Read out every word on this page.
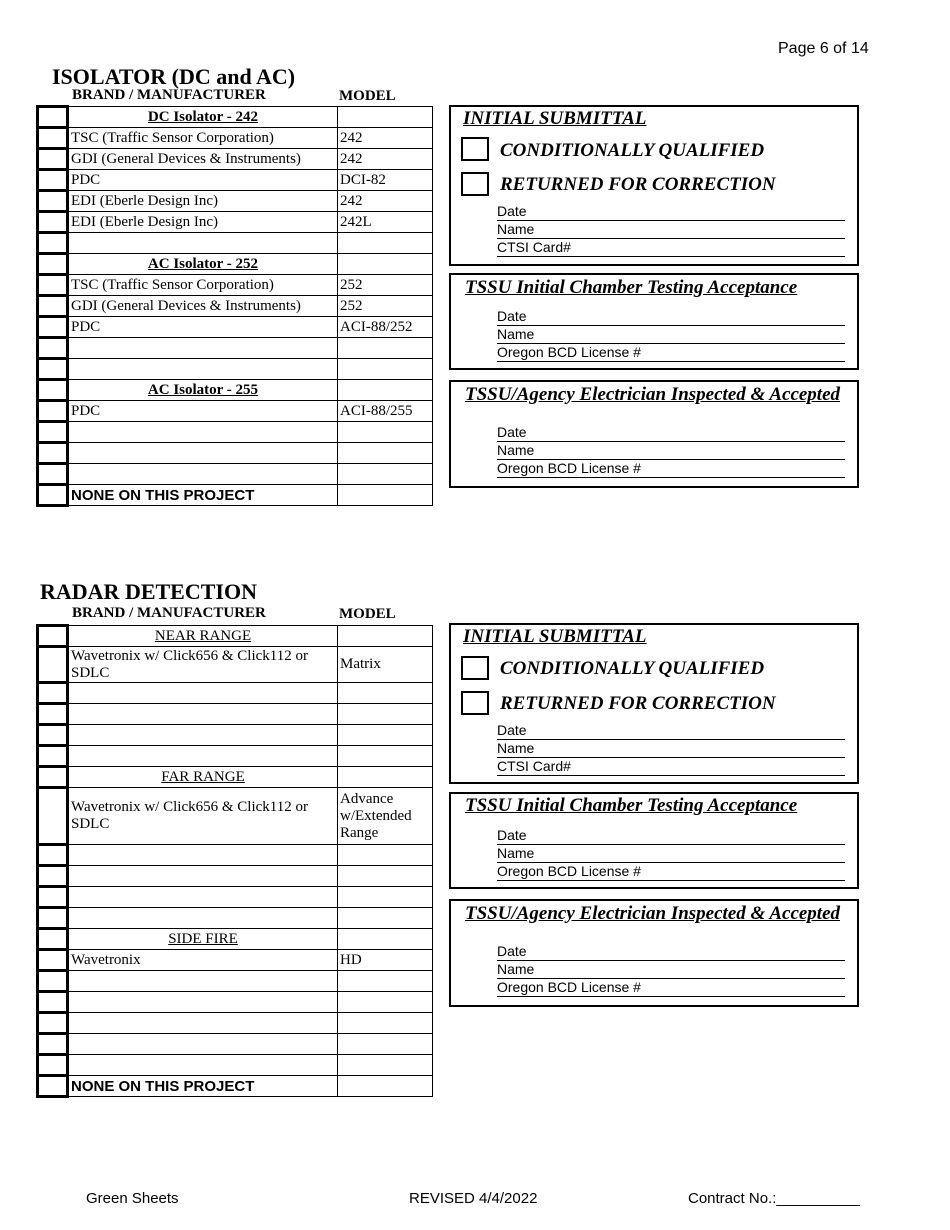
Page 6 of 14
ISOLATOR (DC and AC)
BRAND / MANUFACTURER	MODEL
	DC Isolator - 242	
	TSC (Traffic Sensor Corporation)	242
	GDI (General Devices & Instruments)	242
	PDC	DCI-82
	EDI (Eberle Design Inc)	242
	EDI (Eberle Design Inc)	242L

	AC Isolator - 252	
	TSC (Traffic Sensor Corporation)	252
	GDI (General Devices & Instruments)	252
	PDC	ACI-88/252

	AC Isolator - 255	
	PDC	ACI-88/255

	NONE ON THIS PROJECT	
INITIAL SUBMITTAL
CONDITIONALLY QUALIFIED
RETURNED FOR CORRECTION
Date
Name
CTSI Card#
TSSU Initial Chamber Testing Acceptance
Date
Name
Oregon BCD License #
TSSU/Agency Electrician Inspected & Accepted
Date
Name
Oregon BCD License #
RADAR DETECTION
BRAND / MANUFACTURER	MODEL
	NEAR RANGE	
	Wavetronix w/ Click656 & Click112 or SDLC	Matrix

	FAR RANGE	
	Wavetronix w/ Click656 & Click112 or SDLC	Advance w/Extended Range

	SIDE FIRE	
	Wavetronix	HD

	NONE ON THIS PROJECT	
INITIAL SUBMITTAL
CONDITIONALLY QUALIFIED
RETURNED FOR CORRECTION
Date
Name
CTSI Card#
TSSU Initial Chamber Testing Acceptance
Date
Name
Oregon BCD License #
TSSU/Agency Electrician Inspected & Accepted
Date
Name
Oregon BCD License #
Green Sheets	REVISED 4/4/2022	Contract No.:__________
